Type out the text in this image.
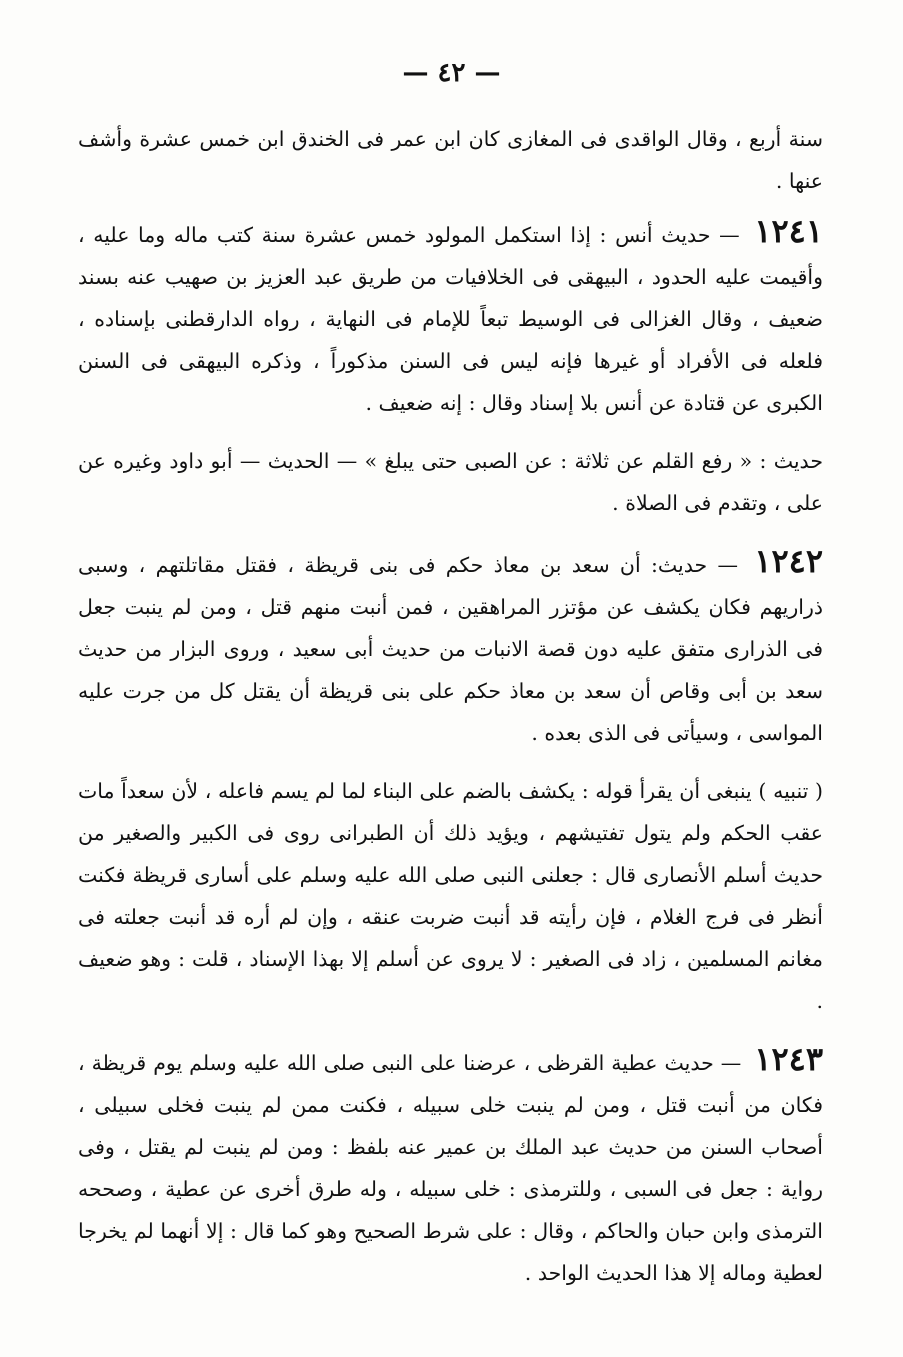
— ٤٢ —

سنة أربع ، وقال الواقدى فى المغازى كان ابن عمر فى الخندق ابن خمس عشرة وأشف عنها .

١٢٤١ — حديث أنس : إذا استكمل المولود خمس عشرة سنة كتب ماله وما عليه ، وأقيمت عليه الحدود ، البيهقى فى الخلافيات من طريق عبد العزيز بن صهيب عنه بسند ضعيف ، وقال الغزالى فى الوسيط تبعاً للإمام فى النهاية ، رواه الدارقطنى بإسناده ، فلعله فى الأفراد أو غيرها فإنه ليس فى السنن مذكوراً ، وذكره البيهقى فى السنن الكبرى عن قتادة عن أنس بلا إسناد وقال : إنه ضعيف .

حديث : « رفع القلم عن ثلاثة : عن الصبى حتى يبلغ » — الحديث — أبو داود وغيره عن على ، وتقدم فى الصلاة .

١٢٤٢ — حديث: أن سعد بن معاذ حكم فى بنى قريظة ، فقتل مقاتلتهم ، وسبى ذراريهم فكان يكشف عن مؤتزر المراهقين ، فمن أنبت منهم قتل ، ومن لم ينبت جعل فى الذرارى متفق عليه دون قصة الانبات من حديث أبى سعيد ، وروى البزار من حديث سعد بن أبى وقاص أن سعد بن معاذ حكم على بنى قريظة أن يقتل كل من جرت عليه المواسى ، وسيأتى فى الذى بعده .

( تنبيه ) ينبغى أن يقرأ قوله : يكشف بالضم على البناء لما لم يسم فاعله ، لأن سعداً مات عقب الحكم ولم يتول تفتيشهم ، ويؤيد ذلك أن الطبرانى روى فى الكبير والصغير من حديث أسلم الأنصارى قال : جعلنى النبى صلى الله عليه وسلم على أسارى قريظة فكنت أنظر فى فرج الغلام ، فإن رأيته قد أنبت ضربت عنقه ، وإن لم أره قد أنبت جعلته فى مغانم المسلمين ، زاد فى الصغير : لا يروى عن أسلم إلا بهذا الإسناد ، قلت : وهو ضعيف .

١٢٤٣ — حديث عطية القرظى ، عرضنا على النبى صلى الله عليه وسلم يوم قريظة ، فكان من أنبت قتل ، ومن لم ينبت خلى سبيله ، فكنت ممن لم ينبت فخلى سبيلى ، أصحاب السنن من حديث عبد الملك بن عمير عنه بلفظ : ومن لم ينبت لم يقتل ، وفى رواية : جعل فى السبى ، وللترمذى : خلى سبيله ، وله طرق أخرى عن عطية ، وصححه الترمذى وابن حبان والحاكم ، وقال : على شرط الصحيح وهو كما قال : إلا أنهما لم يخرجا لعطية وماله إلا هذا الحديث الواحد .
